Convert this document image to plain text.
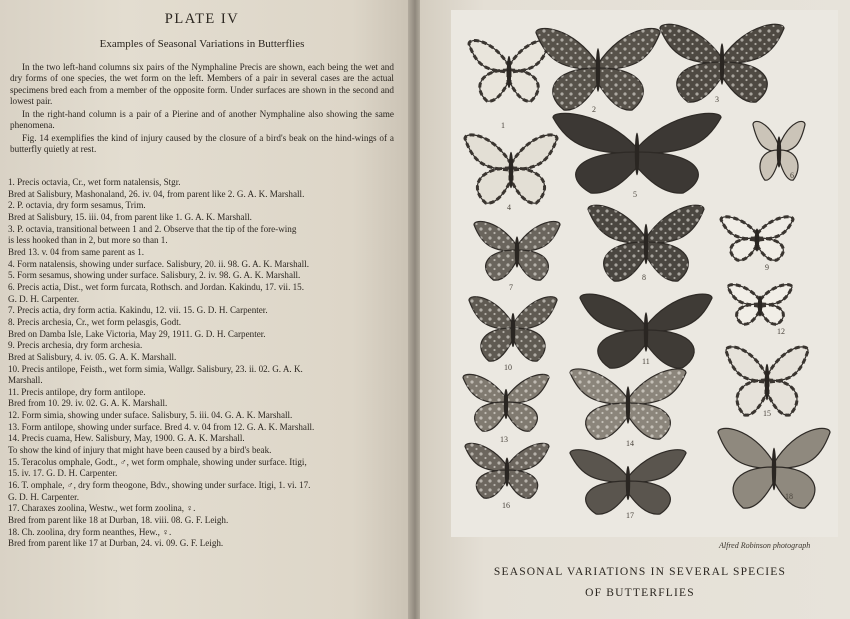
PLATE IV
Examples of Seasonal Variations in Butterflies

In the two left-hand columns six pairs of the Nymphaline Precis are shown, each being the wet and dry forms of one species, the wet form on the left. Members of a pair in several cases are the actual specimens bred each from a member of the opposite form. Under surfaces are shown in the second and lowest pair.

In the right-hand column is a pair of a Pierine and of another Nymphaline also showing the same phenomena.

Fig. 14 exemplifies the kind of injury caused by the closure of a bird's beak on the hind-wings of a butterfly quietly at rest.

1. Precis octavia, Cr., wet form natalensis, Stgr.
Bred at Salisbury, Mashonaland, 26. iv. 04, from parent like 2. G. A. K. Marshall.
2. P. octavia, dry form sesamus, Trim.
Bred at Salisbury, 15. iii. 04, from parent like 1. G. A. K. Marshall.
3. P. octavia, transitional between 1 and 2. Observe that the tip of the fore-wing
is less hooked than in 2, but more so than 1.
Bred 13. v. 04 from same parent as 1.
4. Form natalensis, showing under surface. Salisbury, 20. ii. 98. G. A. K. Marshall.
5. Form sesamus, showing under surface. Salisbury, 2. iv. 98. G. A. K. Marshall.
6. Precis actia, Dist., wet form furcata, Rothsch. and Jordan. Kakindu, 17. vii. 15.
G. D. H. Carpenter.
7. Precis actia, dry form actia. Kakindu, 12. vii. 15. G. D. H. Carpenter.
8. Precis archesia, Cr., wet form pelasgis, Godt.
Bred on Damba Isle, Lake Victoria, May 29, 1911. G. D. H. Carpenter.
9. Precis archesia, dry form archesia.
Bred at Salisbury, 4. iv. 05. G. A. K. Marshall.
10. Precis antilope, Feisth., wet form simia, Wallgr. Salisbury, 23. ii. 02. G. A. K.
Marshall.
11. Precis antilope, dry form antilope.
Bred from 10. 29. iv. 02. G. A. K. Marshall.
12. Form simia, showing under suface. Salisbury, 5. iii. 04. G. A. K. Marshall.
13. Form antilope, showing under surface. Bred 4. v. 04 from 12. G. A. K. Marshall.
14. Precis cuama, Hew. Salisbury, May, 1900. G. A. K. Marshall.
To show the kind of injury that might have been caused by a bird's beak.
15. Teracolus omphale, Godt., ♂, wet form omphale, showing under surface. Itigi,
15. iv. 17. G. D. H. Carpenter.
16. T. omphale, ♂, dry form theogone, Bdv., showing under surface. Itigi, 1. vi. 17.
G. D. H. Carpenter.
17. Charaxes zoolina, Westw., wet form zoolina, ♀.
Bred from parent like 18 at Durban, 18. viii. 08. G. F. Leigh.
18. Ch. zoolina, dry form neanthes, Hew., ♀.
Bred from parent like 17 at Durban, 24. vi. 09. G. F. Leigh.
1
2
3
4
5
6
7
8
9
10
11
12
13	14
15
16
17
18
Alfred Robinson photograph
SEASONAL VARIATIONS IN SEVERAL SPECIES
OF BUTTERFLIES
